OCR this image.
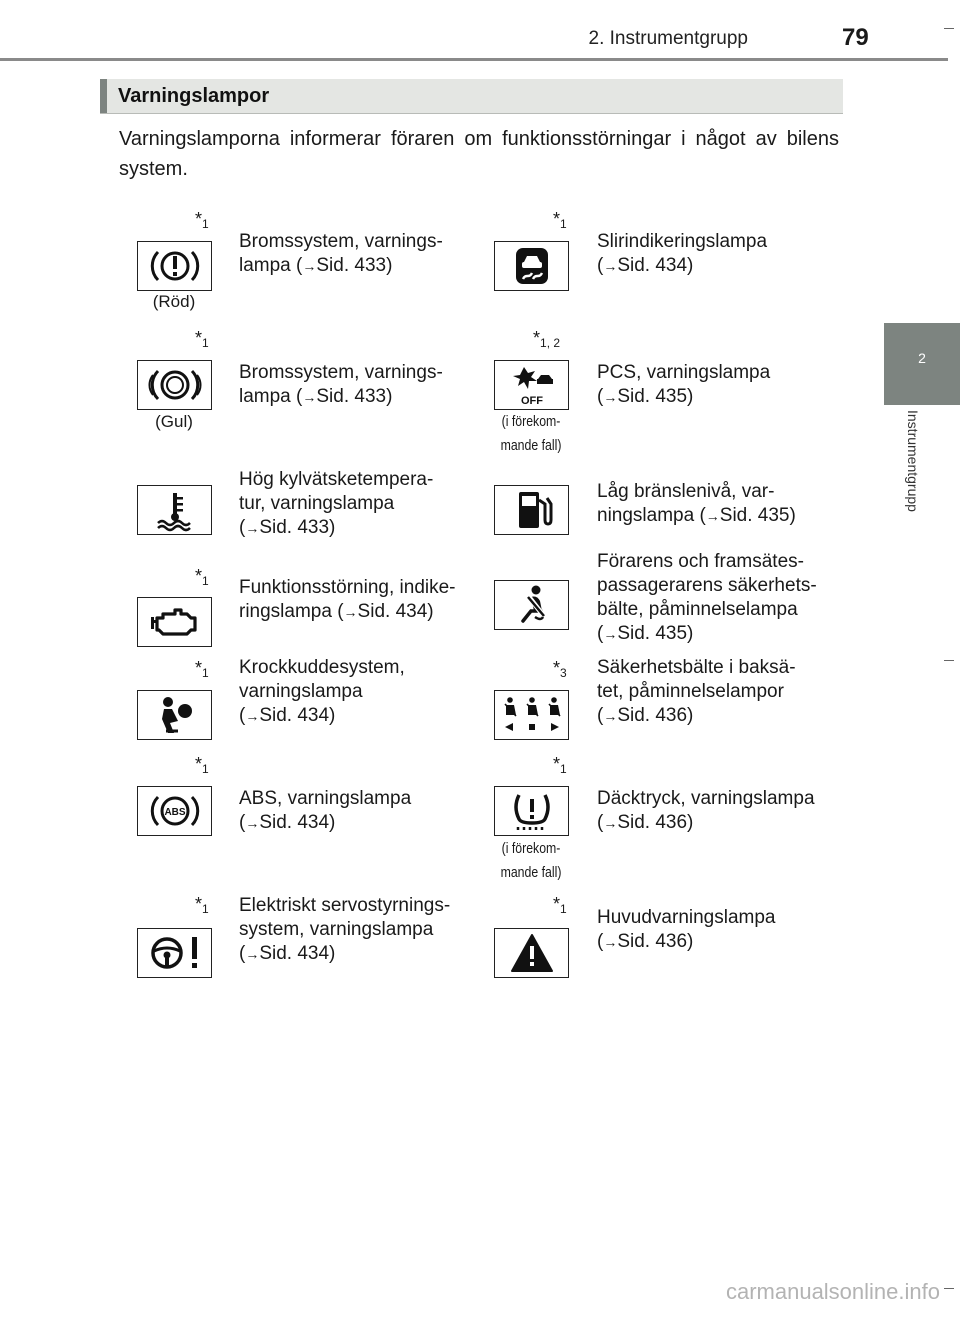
2. Instrumentgrupp	79
2
Instrumentgrupp
Varningslampor
Varningslamporna informerar föraren om funktionsstörningar i något av bilens system.
$*_1$
(Röd)
Bromssystem, varnings-
lampa (→Sid. 433)
$*_1$
Slirindikeringslampa
(→Sid. 434)
$*_1$
(Gul)
Bromssystem, varnings-
lampa (→Sid. 433)
$*_{1, 2}$
OFF
(i förekom-
mande fall)
PCS, varningslampa
(→Sid. 435)
Hög kylvätsketempera-
tur, varningslampa
(→Sid. 433)
Låg bränslenivå, var-
ningslampa (→Sid. 435)
$*_1$ Funktionsstörning, indike-
ringslampa (→Sid. 434)
Förarens och framsätes-
passagerarens säkerhets-
bälte, påminnelselampa
(→Sid. 435)
$*_1$ Krockkuddesystem,
varningslampa
(→Sid. 434)
$*_3$ Säkerhetsbälte i baksä-
tet, påminnelselampor
(→Sid. 436)
$*_1$
ABS
ABS, varningslampa
(→Sid. 434)
$*_1$
(i förekom-
mande fall)
Däcktryck, varningslampa
(→Sid. 436)
$*_1$ Elektriskt servostyrnings-
system, varningslampa
(→Sid. 434)
$*_1$ Huvudvarningslampa
(→Sid. 436)
carmanualsonline.info
